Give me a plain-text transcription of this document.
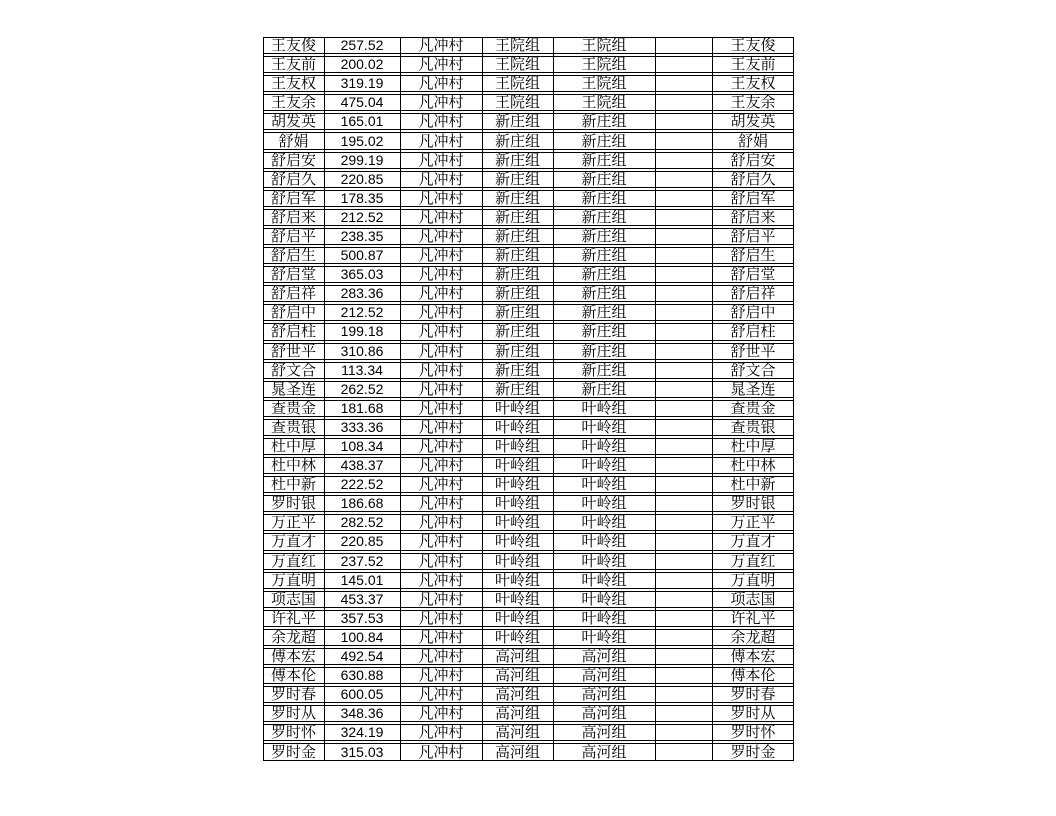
王友俊	257.52	凡冲村	王院组	王院组	王友俊
王友前	200.02	凡冲村	王院组	王院组	王友前
王友权	319.19	凡冲村	王院组	王院组	王友权
王友余	475.04	凡冲村	王院组	王院组	王友余
胡发英	165.01	凡冲村	新庄组	新庄组	胡发英
舒娟	195.02	凡冲村	新庄组	新庄组	舒娟
舒启安	299.19	凡冲村	新庄组	新庄组	舒启安
舒启久	220.85	凡冲村	新庄组	新庄组	舒启久
舒启军	178.35	凡冲村	新庄组	新庄组	舒启军
舒启来	212.52	凡冲村	新庄组	新庄组	舒启来
舒启平	238.35	凡冲村	新庄组	新庄组	舒启平
舒启生	500.87	凡冲村	新庄组	新庄组	舒启生
舒启堂	365.03	凡冲村	新庄组	新庄组	舒启堂
舒启祥	283.36	凡冲村	新庄组	新庄组	舒启祥
舒启中	212.52	凡冲村	新庄组	新庄组	舒启中
舒启柱	199.18	凡冲村	新庄组	新庄组	舒启柱
舒世平	310.86	凡冲村	新庄组	新庄组	舒世平
舒文合	113.34	凡冲村	新庄组	新庄组	舒文合
晁圣连	262.52	凡冲村	新庄组	新庄组	晁圣连
查贵金	181.68	凡冲村	叶岭组	叶岭组	查贵金
查贵银	333.36	凡冲村	叶岭组	叶岭组	查贵银
杜中厚	108.34	凡冲村	叶岭组	叶岭组	杜中厚
杜中林	438.37	凡冲村	叶岭组	叶岭组	杜中林
杜中新	222.52	凡冲村	叶岭组	叶岭组	杜中新
罗时银	186.68	凡冲村	叶岭组	叶岭组	罗时银
万正平	282.52	凡冲村	叶岭组	叶岭组	万正平
万直才	220.85	凡冲村	叶岭组	叶岭组	万直才
万直红	237.52	凡冲村	叶岭组	叶岭组	万直红
万直明	145.01	凡冲村	叶岭组	叶岭组	万直明
项志国	453.37	凡冲村	叶岭组	叶岭组	项志国
许礼平	357.53	凡冲村	叶岭组	叶岭组	许礼平
余龙超	100.84	凡冲村	叶岭组	叶岭组	余龙超
傅本宏	492.54	凡冲村	高河组	高河组	傅本宏
傅本伦	630.88	凡冲村	高河组	高河组	傅本伦
罗时春	600.05	凡冲村	高河组	高河组	罗时春
罗时从	348.36	凡冲村	高河组	高河组	罗时从
罗时怀	324.19	凡冲村	高河组	高河组	罗时怀
罗时金	315.03	凡冲村	高河组	高河组	罗时金
